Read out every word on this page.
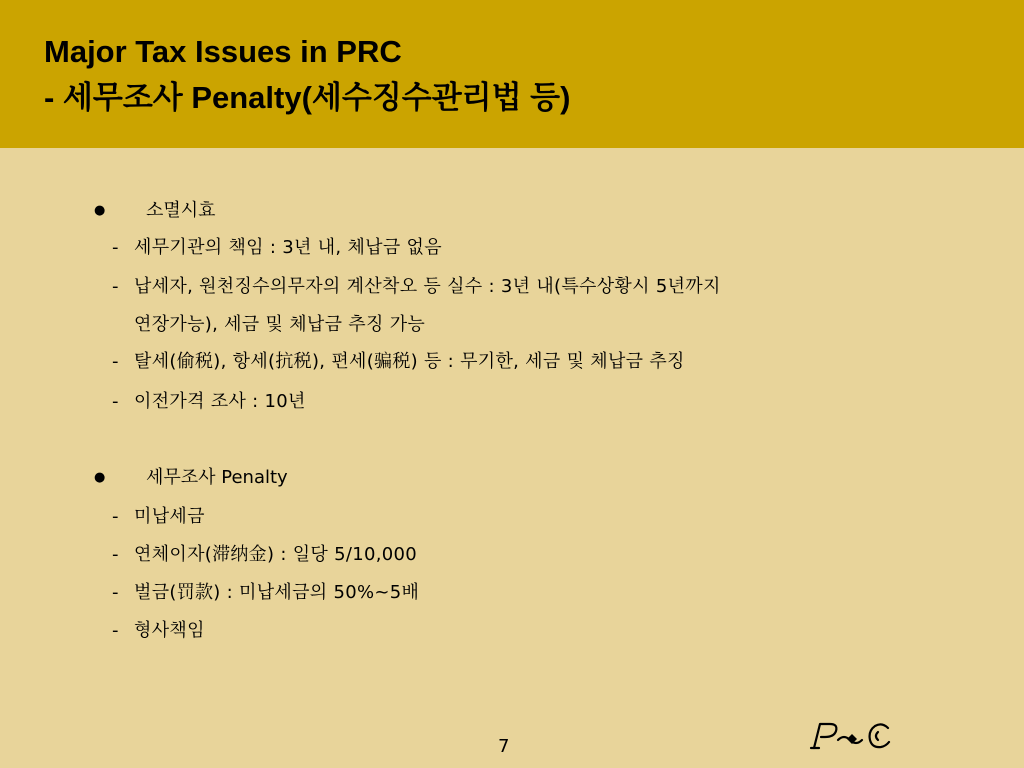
Major Tax Issues in PRC
- 세무조사 Penalty(세수징수관리법 등)
● 소멸시효
- 세무기관의 책임 : 3년 내, 체납금 없음
- 납세자, 원천징수의무자의 계산착오 등 실수 : 3년 내(특수상황시 5년까지
연장가능), 세금 및 체납금 추징 가능
- 탈세(偷税), 항세(抗税), 편세(骗税) 등 : 무기한, 세금 및 체납금 추징
- 이전가격 조사 : 10년
● 세무조사 Penalty
- 미납세금
- 연체이자(滞纳金) : 일당 5/10,000
- 벌금(罚款) : 미납세금의 50%~5배
- 형사책임
7
